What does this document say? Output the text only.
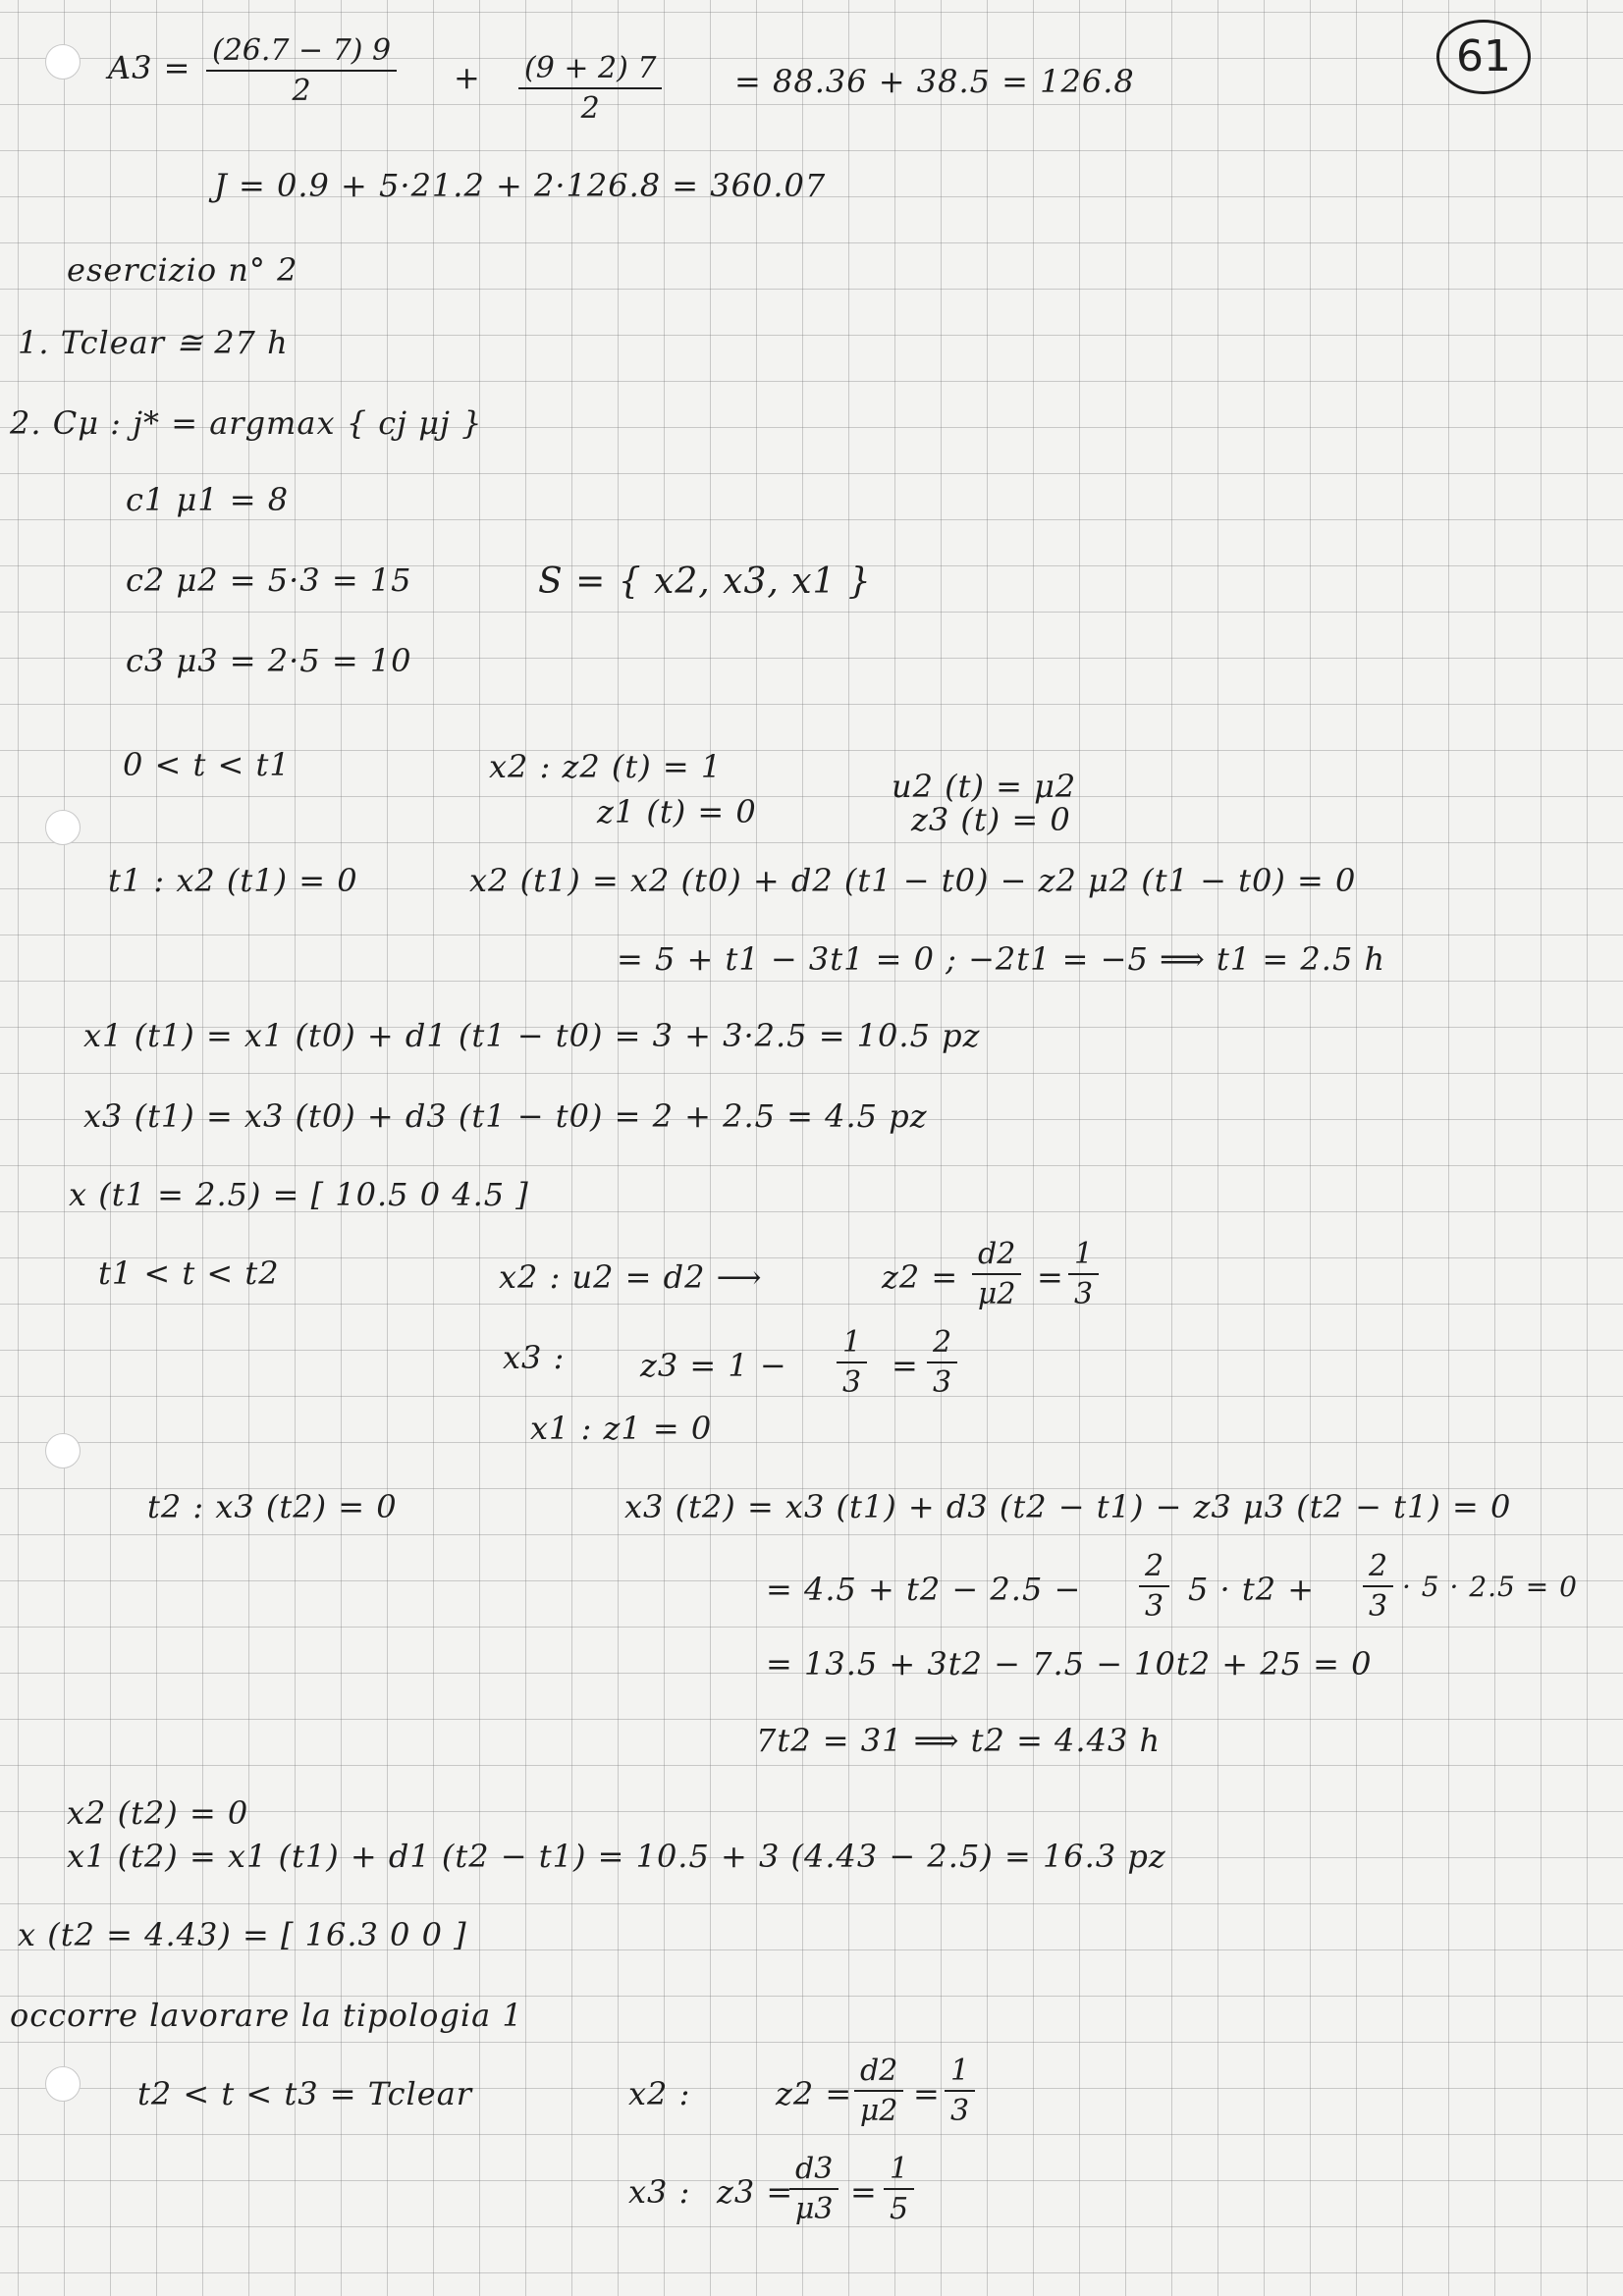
61
$A3 = \frac{(26.7 - 7) 9}{2} + \frac{(9 + 2) 7}{2} = 88.36 + 38.5 = 126.8$
J = 0.9 + 5·21.2 + 2·126.8 = 360.07
esercizio n° 2
1. Tclear ≅ 27 h
2. Cμ : j* = argmax { cj μj }
c1 μ1 = 8
c2 μ2 = 5·3 = 15	S = { x2, x3, x1 }
c3 μ3 = 2·5 = 10
0 < t < t1	x2 : z2 (t) = 1
z1 (t) = 0
u2 (t) = μ2
z3 (t) = 0
t1 : x2 (t1) = 0	x2 (t1) = x2 (t0) + d2 (t1 − t0) − z2 μ2 (t1 − t0) = 0
= 5 + t1 − 3t1 = 0 ; −2t1 = −5 ⟹ t1 = 2.5 h
x1 (t1) = x1 (t0) + d1 (t1 − t0) = 3 + 3·2.5 = 10.5 pz
x3 (t1) = x3 (t0) + d3 (t1 − t0) = 2 + 2.5 = 4.5 pz
x (t1 = 2.5) = [ 10.5 0 4.5 ]
t1 < t < t2	x2 : u2 = d2 ⟶	$z2 = \frac{d2}{\mu 2} = \frac{1}{3}$
x3 : $z3 = 1 - \frac{1}{3} = \frac{2}{3}$
x1 : z1 = 0
t2 : x3 (t2) = 0	x3 (t2) = x3 (t1) + d3 (t2 − t1) − z3 μ3 (t2 − t1) = 0
= $4.5 + t2 - 2.5 - \frac{2}{3} 5 \cdot t2 + \frac{2}{3} \cdot 5 \cdot 2.5 = 0$
= 13.5 + 3t2 − 7.5 − 10t2 + 25 = 0
7t2 = 31 ⟹ t2 = 4.43 h
x2 (t2) = 0
x1 (t2) = x1 (t1) + d1 (t2 − t1) = 10.5 + 3 (4.43 − 2.5) = 16.3 pz
x (t2 = 4.43) = [ 16.3 0 0 ]
occorre lavorare la tipologia 1
t2 < t < t3 = Tclear	x2 :	$z2 = \frac{d2}{\mu 2} = \frac{1}{3}$
x3 : z3 =
$\frac{d3}{\mu 3} = \frac{1}{5}$
